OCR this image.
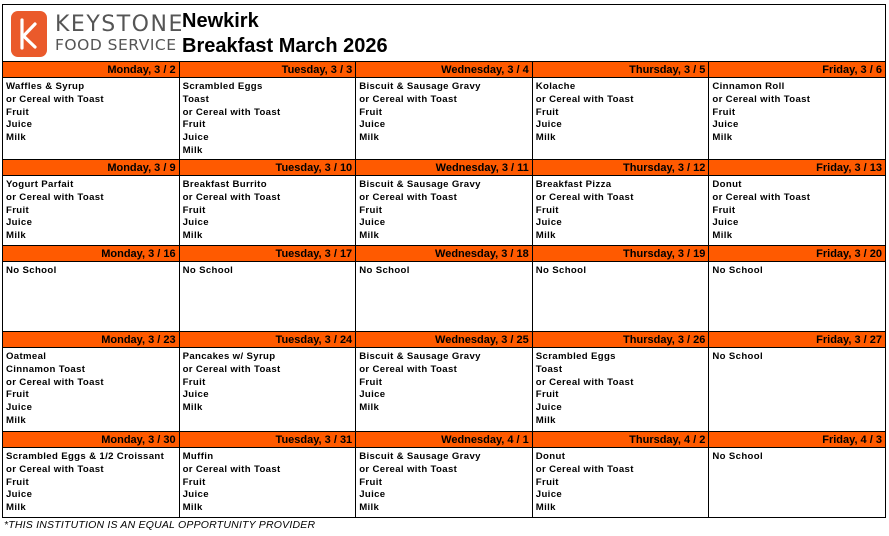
KEYSTONE
FOOD SERVICE
Newkirk
Breakfast March 2026
Monday, 3 / 2
Waffles & Syrup
or Cereal with Toast
Fruit
Juice
Milk
Tuesday, 3 / 3
Scrambled Eggs
Toast
or Cereal with Toast
Fruit
Juice
Milk
Wednesday, 3 / 4
Biscuit & Sausage Gravy
or Cereal with Toast
Fruit
Juice
Milk
Thursday, 3 / 5
Kolache
or Cereal with Toast
Fruit
Juice
Milk
Friday, 3 / 6
Cinnamon Roll
or Cereal with Toast
Fruit
Juice
Milk
Monday, 3 / 9
Yogurt Parfait
or Cereal with Toast
Fruit
Juice
Milk
Tuesday, 3 / 10
Breakfast Burrito
or Cereal with Toast
Fruit
Juice
Milk
Wednesday, 3 / 11
Biscuit & Sausage Gravy
or Cereal with Toast
Fruit
Juice
Milk
Thursday, 3 / 12
Breakfast Pizza
or Cereal with Toast
Fruit
Juice
Milk
Friday, 3 / 13
Donut
or Cereal with Toast
Fruit
Juice
Milk
Monday, 3 / 16
No School
Tuesday, 3 / 17
No School
Wednesday, 3 / 18
No School
Thursday, 3 / 19
No School
Friday, 3 / 20
No School
Monday, 3 / 23
Oatmeal
Cinnamon Toast
or Cereal with Toast
Fruit
Juice
Milk
Tuesday, 3 / 24
Pancakes w/ Syrup
or Cereal with Toast
Fruit
Juice
Milk
Wednesday, 3 / 25
Biscuit & Sausage Gravy
or Cereal with Toast
Fruit
Juice
Milk
Thursday, 3 / 26
Scrambled Eggs
Toast
or Cereal with Toast
Fruit
Juice
Milk
Friday, 3 / 27
No School
Monday, 3 / 30
Scrambled Eggs & 1/2 Croissant
or Cereal with Toast
Fruit
Juice
Milk
Tuesday, 3 / 31
Muffin
or Cereal with Toast
Fruit
Juice
Milk
Wednesday, 4 / 1
Biscuit & Sausage Gravy
or Cereal with Toast
Fruit
Juice
Milk
Thursday, 4 / 2
Donut
or Cereal with Toast
Fruit
Juice
Milk
Friday, 4 / 3
No School
*THIS INSTITUTION IS AN EQUAL OPPORTUNITY PROVIDER
